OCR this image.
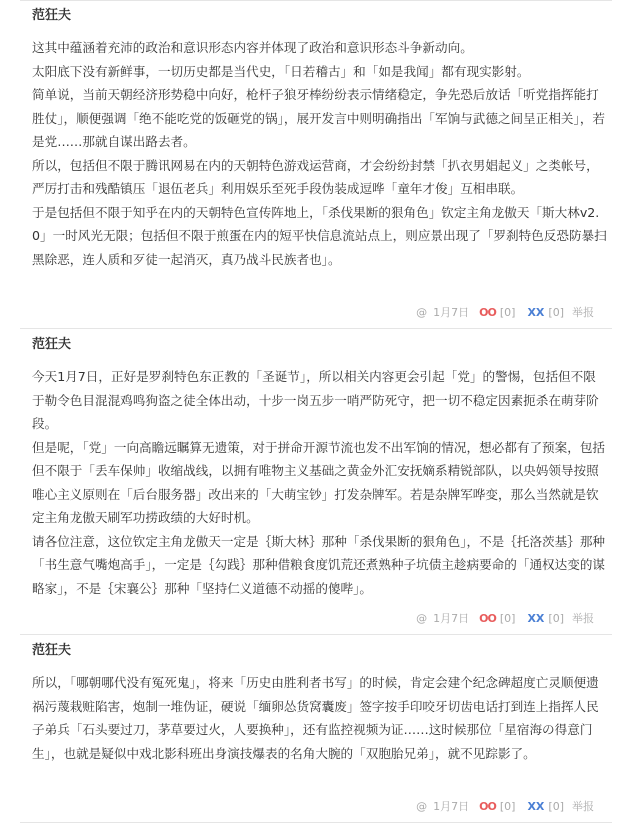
范狂夫

这其中蕴涵着充沛的政治和意识形态内容并体现了政治和意识形态斗争新动向。

太阳底下没有新鲜事，一切历史都是当代史，「日若稽古」和「如是我闻」都有现实影射。

简单说，当前天朝经济形势稳中向好，枪杆子狼牙棒纷纷表示情绪稳定，争先恐后放话「听党指挥能打胜仗」，顺便强调「绝不能吃党的饭砸党的锅」，展开发言中则明确指出「军饷与武德之间呈正相关」，若是党……那就自谋出路去者。

所以，包括但不限于腾讯网易在内的天朝特色游戏运营商，才会纷纷封禁「扒衣男娼起义」之类帐号，严厉打击和残酷镇压「退伍老兵」利用娱乐至死手段伪装成逗哗「童年才俊」互相串联。

于是包括但不限于知乎在内的天朝特色宣传阵地上，「杀伐果断的狠角色」钦定主角龙傲天「斯大林v2.0」一时风光无限；包括但不限于煎蛋在内的短平快信息流站点上，则应景出现了「罗刹特色反恐防暴扫黑除恶，连人质和歹徒一起消灭，真乃战斗民族者也」。

@ 1月7日 OO [0] XX [0] 举报
范狂夫

今天1月7日，正好是罗刹特色东正教的「圣诞节」，所以相关内容更会引起「党」的警惕，包括但不限于勒令色目混混鸡鸣狗盗之徒全体出动，十步一岗五步一哨严防死守，把一切不稳定因素扼杀在萌芽阶段。

但是呢，「党」一向高瞻远瞩算无遗策，对于拼命开源节流也发不出军饷的情况，想必都有了预案，包括但不限于「丢车保帅」收缩战线，以拥有唯物主义基础之黄金外汇安抚嫡系精锐部队，以央妈领导按照唯心主义原则在「后台服务器」改出来的「大萌宝钞」打发杂牌军。若是杂牌军哗变，那么当然就是钦定主角龙傲天刷军功捞政绩的大好时机。

请各位注意，这位钦定主角龙傲天一定是｛斯大林｝那种「杀伐果断的狠角色」，不是｛托洛茨基｝那种「书生意气嘴炮高手」，一定是｛勾践｝那种借粮食度饥荒还煮熟种子坑债主趁病要命的「通权达变的谋略家」，不是｛宋襄公｝那种「坚持仁义道德不动摇的傻哔」。

@ 1月7日 OO [0] XX [0] 举报
范狂夫

所以，「哪朝哪代没有冤死鬼」，将来「历史由胜利者书写」的时候，肯定会建个纪念碑超度亡灵顺便遗祸污蔑栽赃陷害，炮制一堆伪证，硬说「缅卵怂货窝囊废」签字按手印咬牙切齿电话打到连上指挥人民子弟兵「石头要过刀，茅草要过火，人要换种」，还有监控视频为证……这时候那位「星宿海の得意门生」，也就是疑似中戏北影科班出身演技爆表的名角大腕的「双胞胎兄弟」，就不见踪影了。

@ 1月7日 OO [0] XX [0] 举报
